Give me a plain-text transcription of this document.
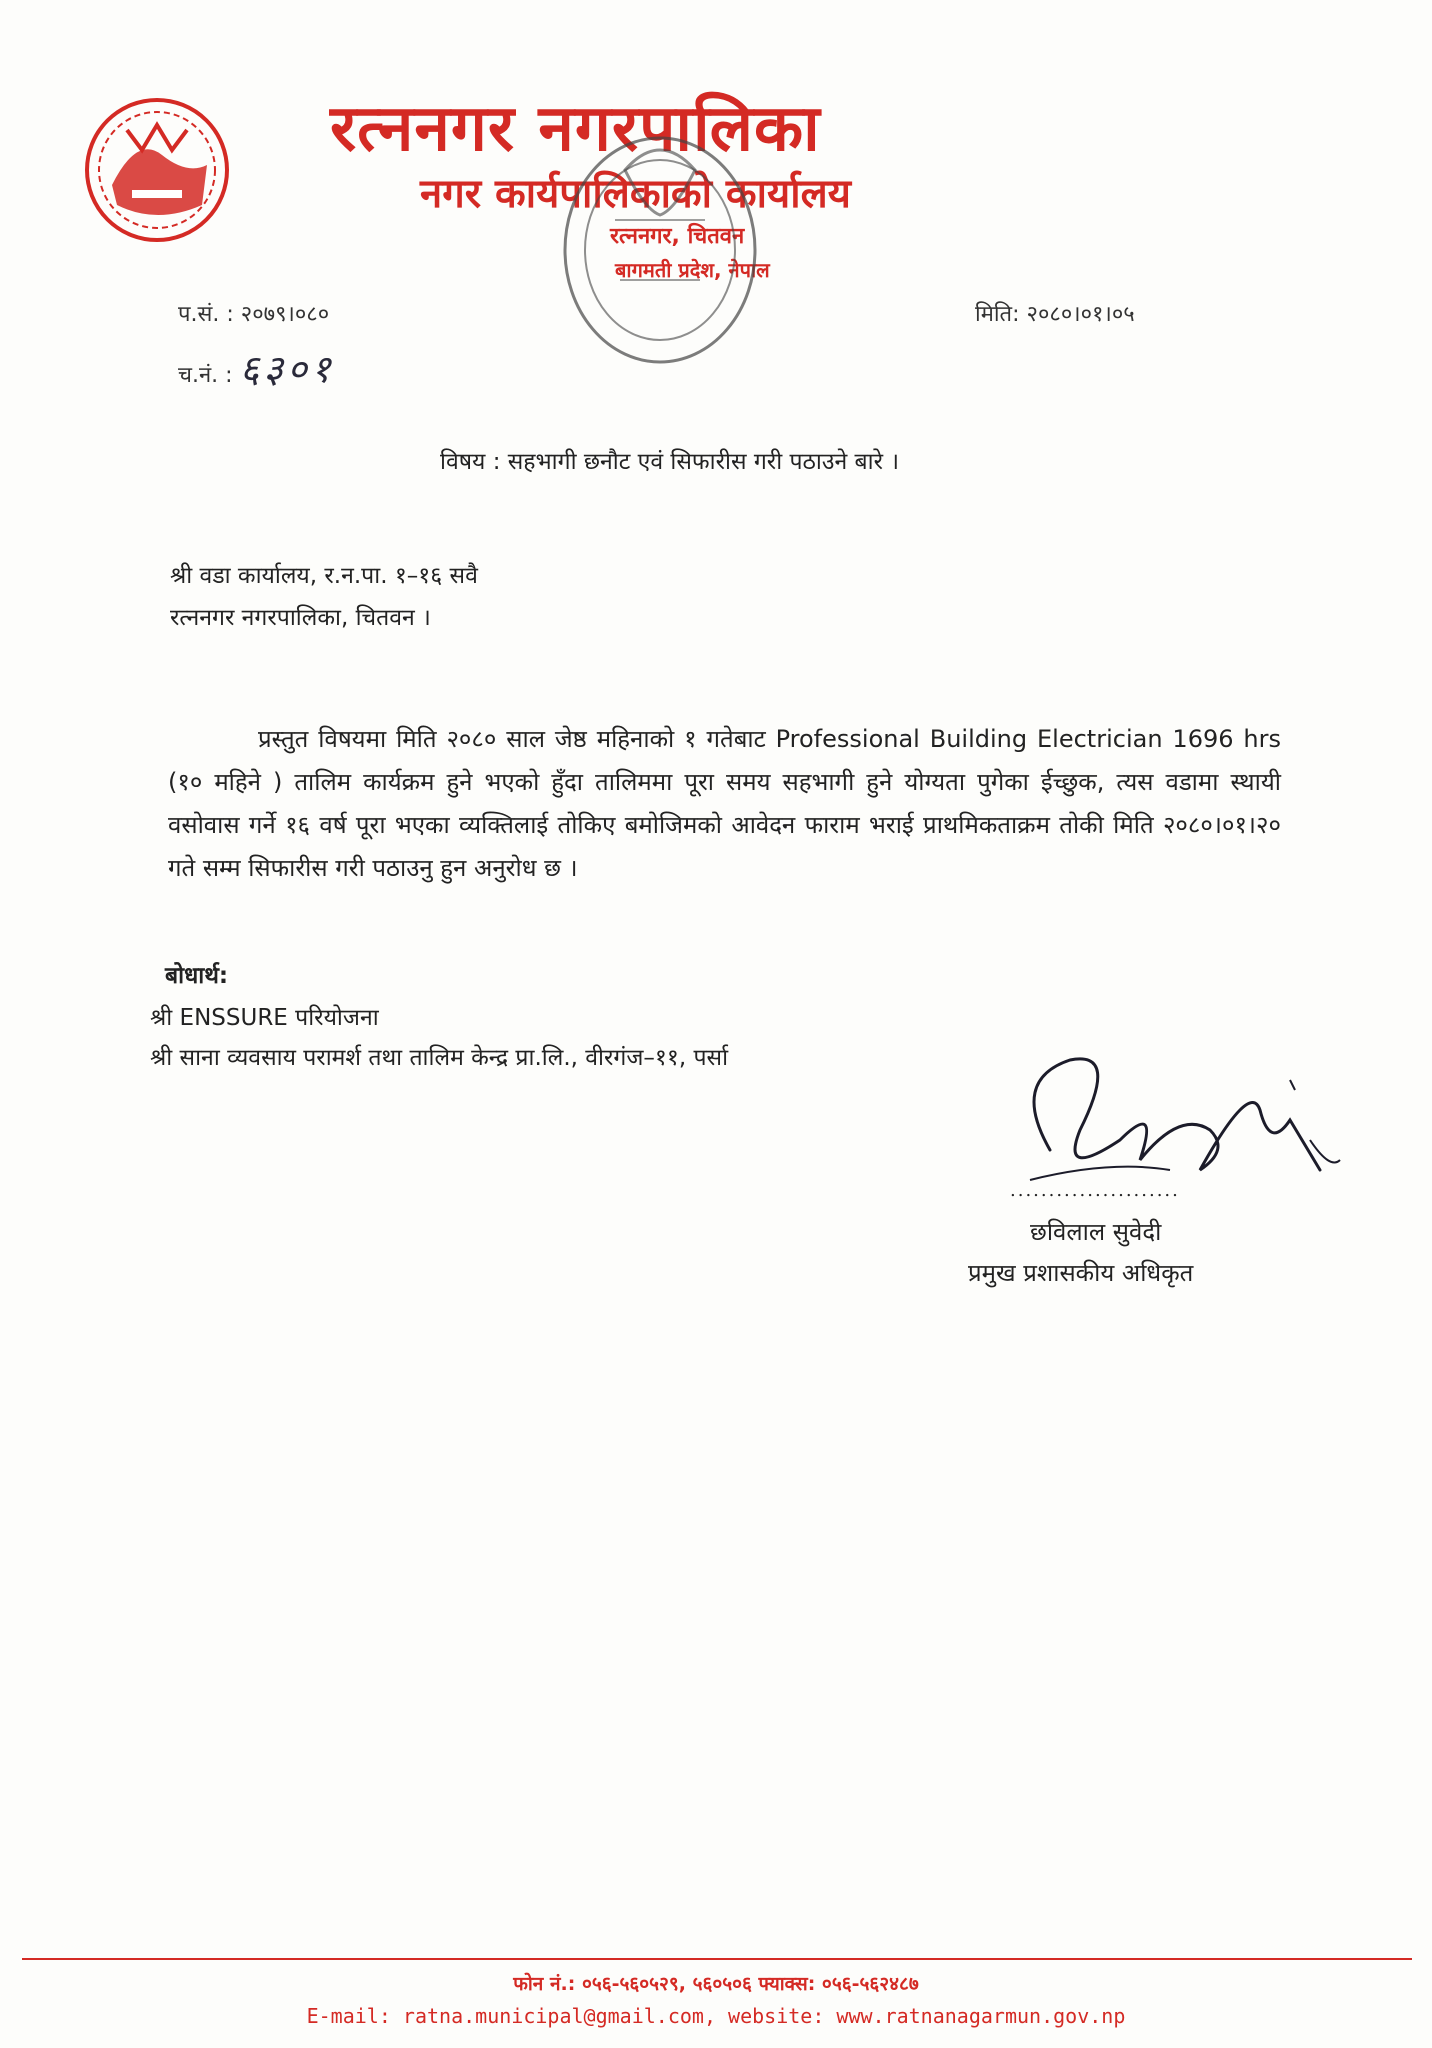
रत्ननगर नगरपालिका
नगर कार्यपालिकाको कार्यालय
रत्ननगर, चितवन
बागमती प्रदेश, नेपाल
प.सं. : २०७९।०८०
च.नं. : ६३०१
मिति: २०८०।०१।०५
विषय : सहभागी छनौट एवं सिफारीस गरी पठाउने बारे ।
श्री वडा कार्यालय, र.न.पा. १–१६ सवै
रत्ननगर नगरपालिका, चितवन ।

प्रस्तुत विषयमा मिति २०८० साल जेष्ठ महिनाको १ गतेबाट Professional Building Electrician 1696 hrs (१० महिने ) तालिम कार्यक्रम हुने भएको हुँदा तालिममा पूरा समय सहभागी हुने योग्यता पुगेका ईच्छुक, त्यस वडामा स्थायी वसोवास गर्ने १६ वर्ष पूरा भएका व्यक्तिलाई तोकिए बमोजिमको आवेदन फाराम भराई प्राथमिकताक्रम तोकी मिति २०८०।०१।२० गते सम्म सिफारीस गरी पठाउनु हुन अनुरोध छ ।

बोधार्थ:
श्री ENSSURE परियोजना
श्री साना व्यवसाय परामर्श तथा तालिम केन्द्र प्रा.लि., वीरगंज–११, पर्सा
......................
छविलाल सुवेदी
प्रमुख प्रशासकीय अधिकृत
फोन नं.: ०५६-५६०५२९, ५६०५०६ फ्याक्स: ०५६-५६२४८७
E-mail: ratna.municipal@gmail.com, website: www.ratnanagarmun.gov.np
